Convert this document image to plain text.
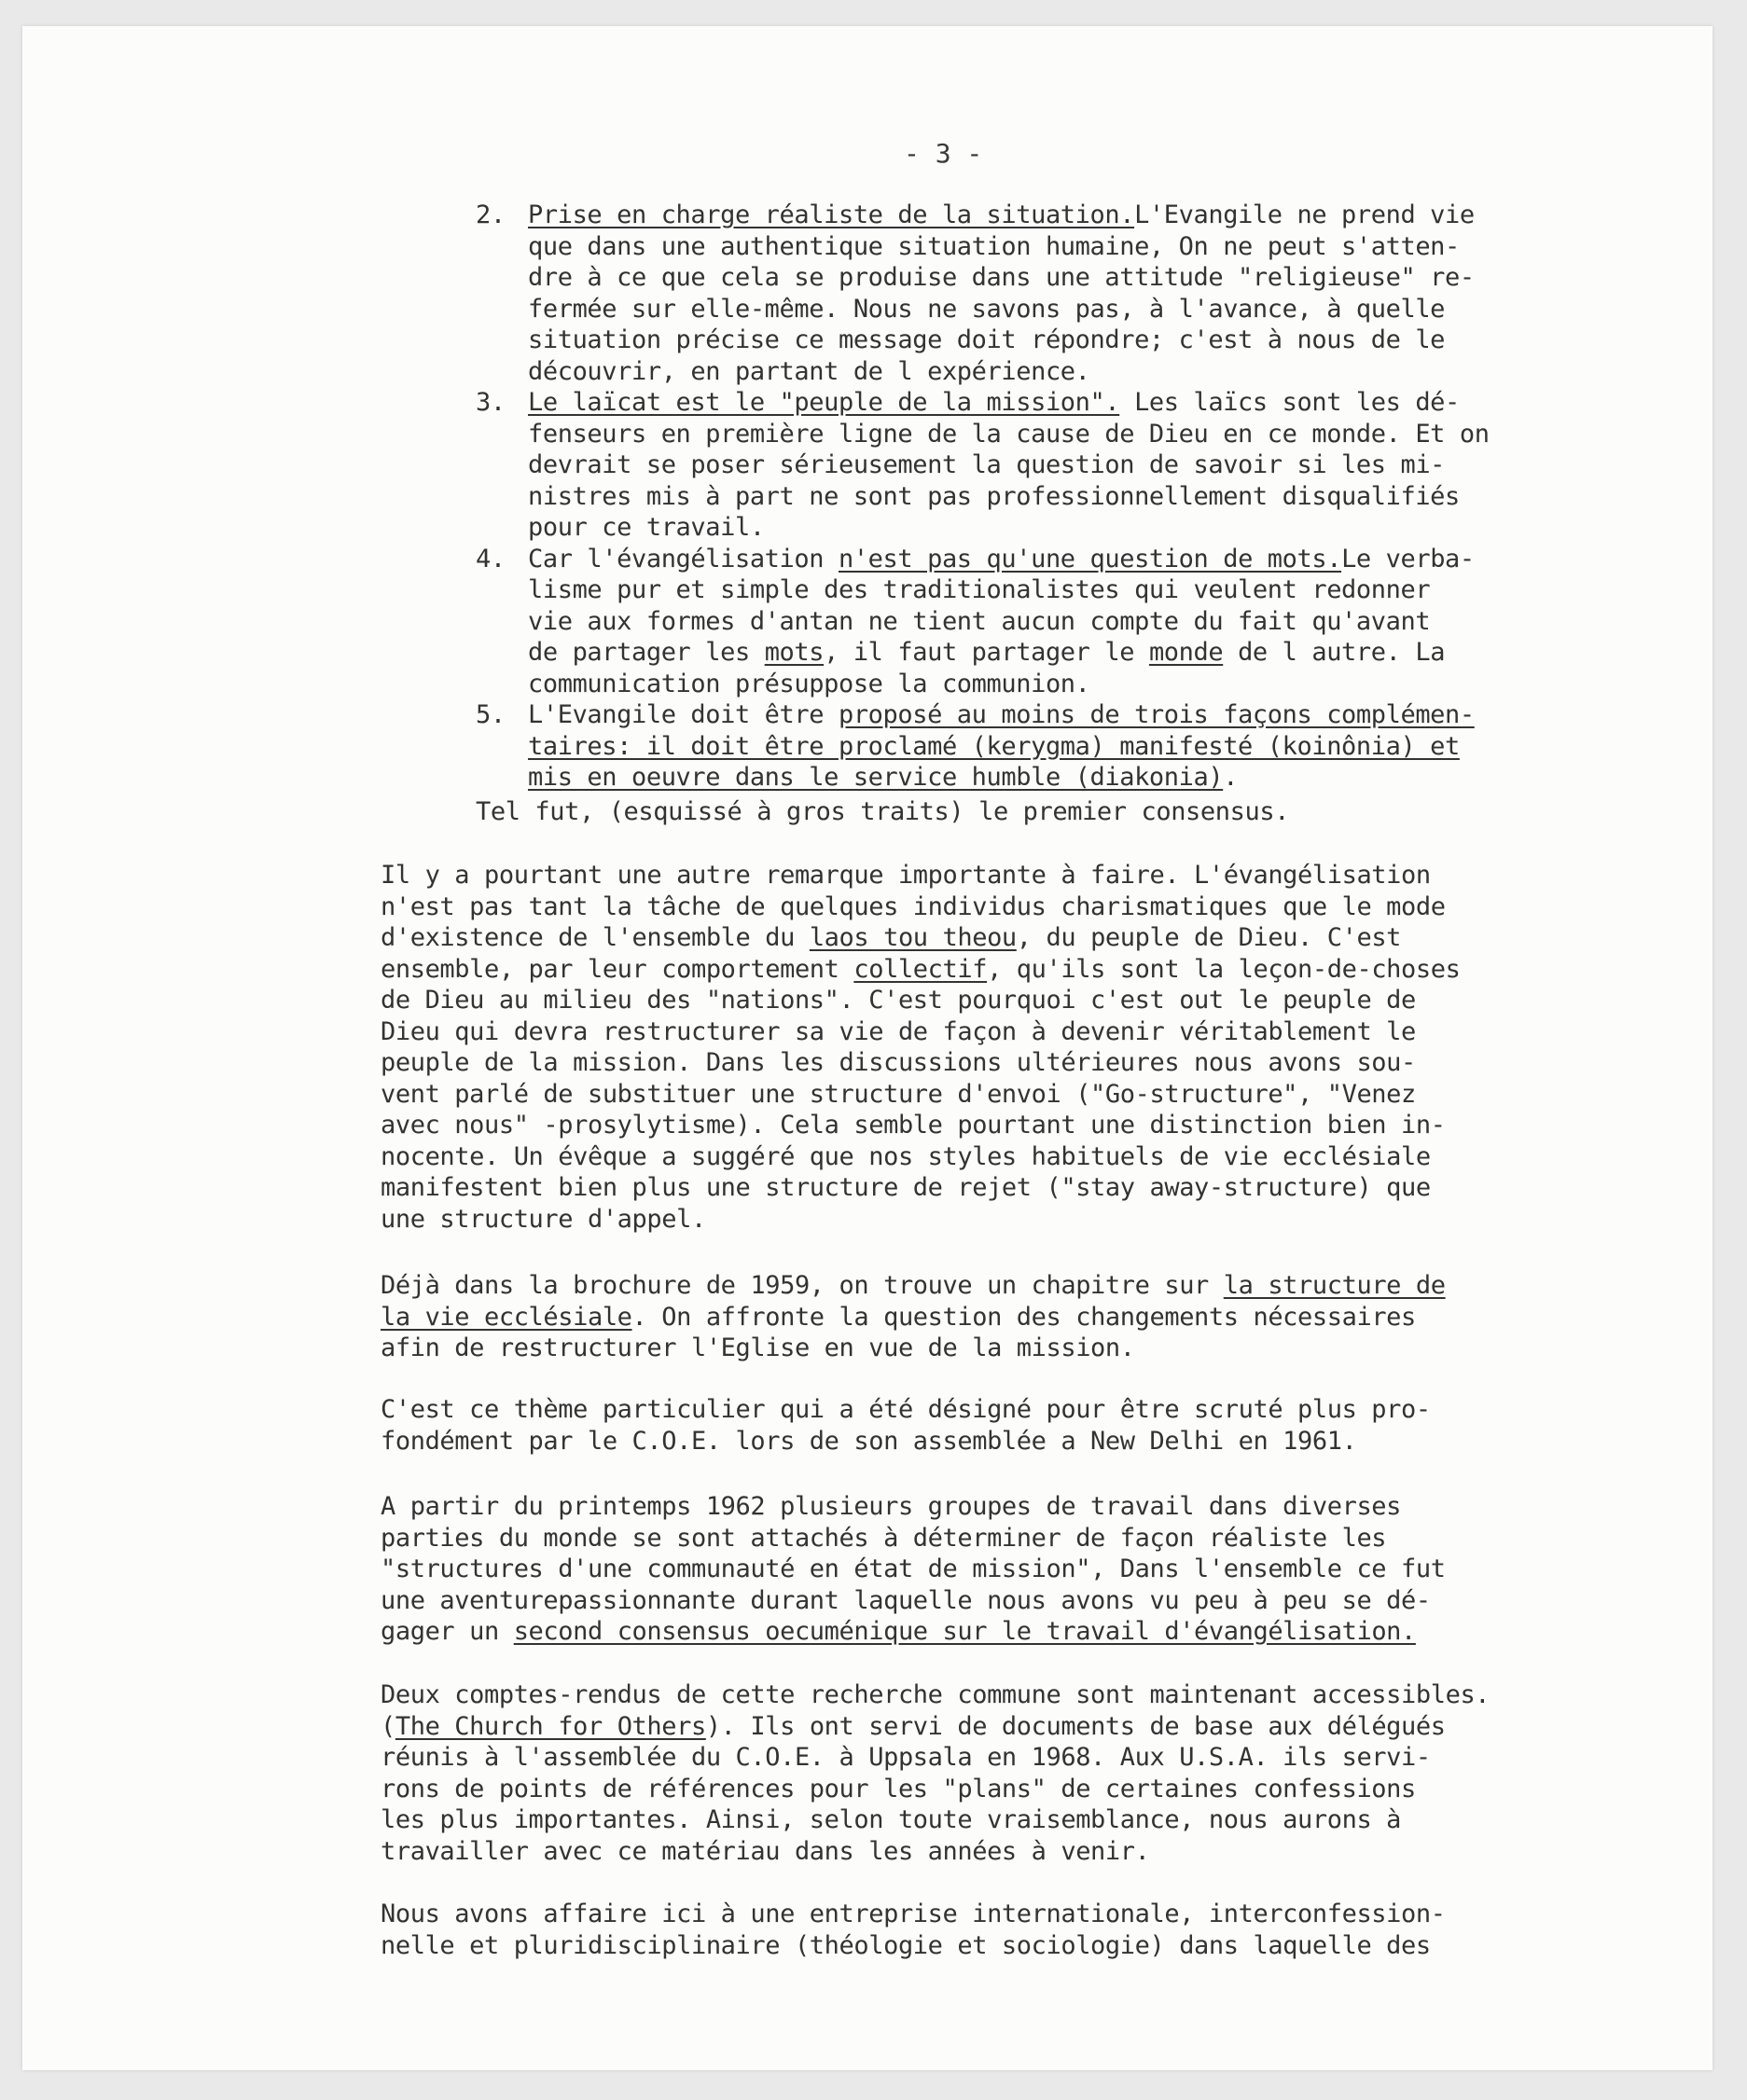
- 3 -
2. Prise en charge réaliste de la situation.L'Evangile ne prend vie
que dans une authentique situation humaine, On ne peut s'atten-
dre à ce que cela se produise dans une attitude "religieuse" re-
fermée sur elle-même. Nous ne savons pas, à l'avance, à quelle
situation précise ce message doit répondre; c'est à nous de le
découvrir, en partant de l expérience.
3. Le laïcat est le "peuple de la mission". Les laïcs sont les dé-
fenseurs en première ligne de la cause de Dieu en ce monde. Et on
devrait se poser sérieusement la question de savoir si les mi-
nistres mis à part ne sont pas professionnellement disqualifiés
pour ce travail.
4. Car l'évangélisation n'est pas qu'une question de mots.Le verba-
lisme pur et simple des traditionalistes qui veulent redonner
vie aux formes d'antan ne tient aucun compte du fait qu'avant
de partager les mots, il faut partager le monde de l autre. La
communication présuppose la communion.
5. L'Evangile doit être proposé au moins de trois façons complémen-
taires: il doit être proclamé (kerygma) manifesté (koinônia) et
mis en oeuvre dans le service humble (diakonia).
Tel fut, (esquissé à gros traits) le premier consensus.
Il y a pourtant une autre remarque importante à faire. L'évangélisation
n'est pas tant la tâche de quelques individus charismatiques que le mode
d'existence de l'ensemble du laos tou theou, du peuple de Dieu. C'est
ensemble, par leur comportement collectif, qu'ils sont la leçon-de-choses
de Dieu au milieu des "nations". C'est pourquoi c'est out le peuple de
Dieu qui devra restructurer sa vie de façon à devenir véritablement le
peuple de la mission. Dans les discussions ultérieures nous avons sou-
vent parlé de substituer une structure d'envoi ("Go-structure", "Venez
avec nous" -prosylytisme). Cela semble pourtant une distinction bien in-
nocente. Un évêque a suggéré que nos styles habituels de vie ecclésiale
manifestent bien plus une structure de rejet ("stay away-structure) que
une structure d'appel.
Déjà dans la brochure de 1959, on trouve un chapitre sur la structure de
la vie ecclésiale. On affronte la question des changements nécessaires
afin de restructurer l'Eglise en vue de la mission.
C'est ce thème particulier qui a été désigné pour être scruté plus pro-
fondément par le C.O.E. lors de son assemblée a New Delhi en 1961.
A partir du printemps 1962 plusieurs groupes de travail dans diverses
parties du monde se sont attachés à déterminer de façon réaliste les
"structures d'une communauté en état de mission", Dans l'ensemble ce fut
une aventurepassionnante durant laquelle nous avons vu peu à peu se dé-
gager un second consensus oecuménique sur le travail d'évangélisation.
Deux comptes-rendus de cette recherche commune sont maintenant accessibles.
(The Church for Others). Ils ont servi de documents de base aux délégués
réunis à l'assemblée du C.O.E. à Uppsala en 1968. Aux U.S.A. ils servi-
rons de points de références pour les "plans" de certaines confessions
les plus importantes. Ainsi, selon toute vraisemblance, nous aurons à
travailler avec ce matériau dans les années à venir.
Nous avons affaire ici à une entreprise internationale, interconfession-
nelle et pluridisciplinaire (théologie et sociologie) dans laquelle des
